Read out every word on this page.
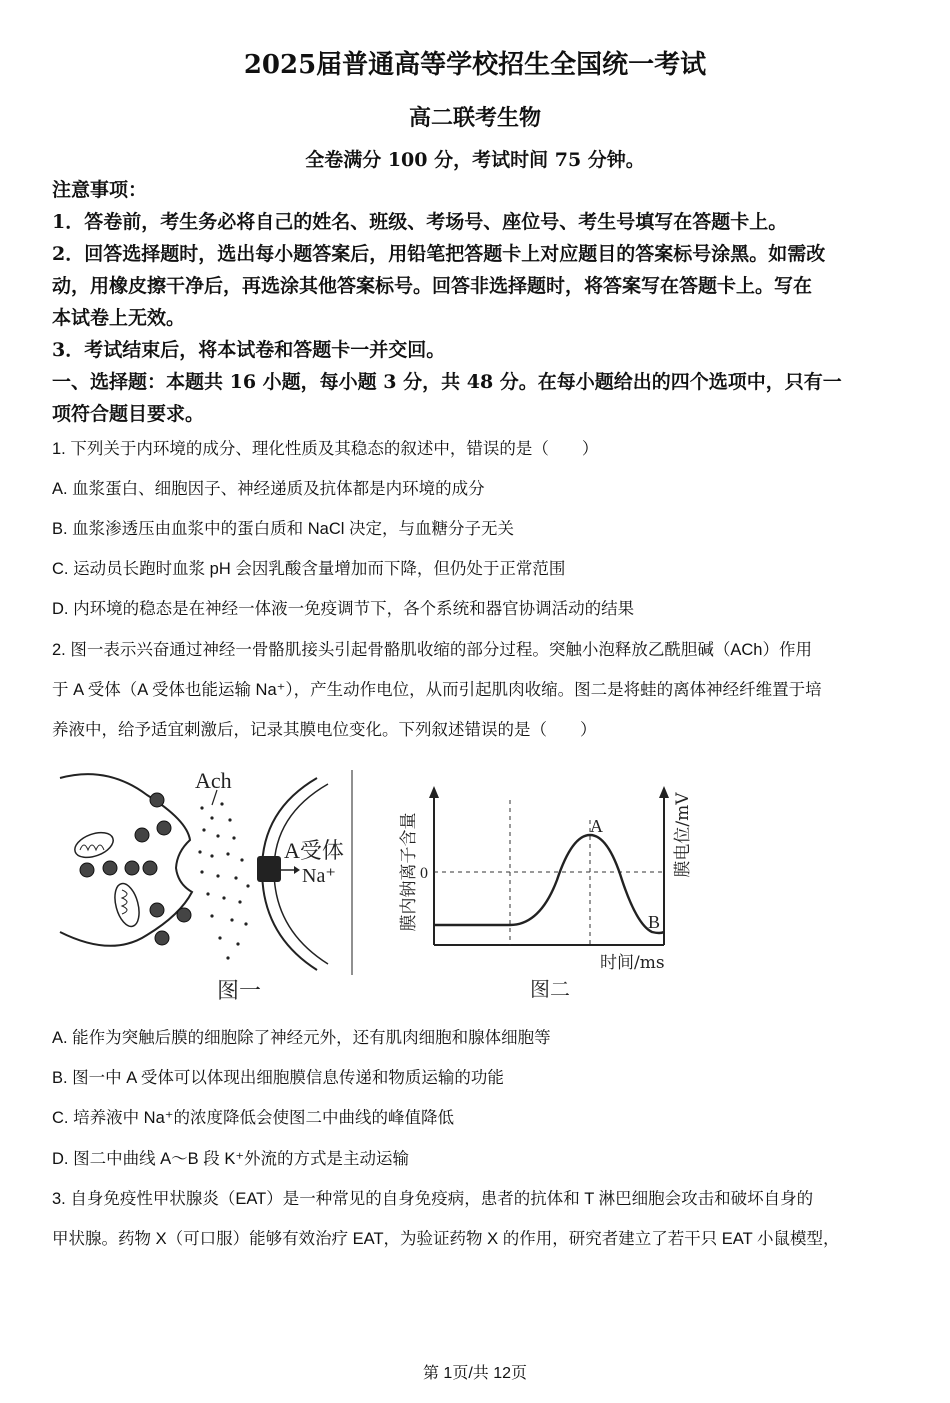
2025届普通高等学校招生全国统一考试
高二联考生物
全卷满分 100 分，考试时间 75 分钟。
注意事项：
1．答卷前，考生务必将自己的姓名、班级、考场号、座位号、考生号填写在答题卡上。
2．回答选择题时，选出每小题答案后，用铅笔把答题卡上对应题目的答案标号涂黑。如需改
动，用橡皮擦干净后，再选涂其他答案标号。回答非选择题时，将答案写在答题卡上。写在
本试卷上无效。
3．考试结束后，将本试卷和答题卡一并交回。
一、选择题：本题共 16 小题，每小题 3 分，共 48 分。在每小题给出的四个选项中，只有一
项符合题目要求。
1. 下列关于内环境的成分、理化性质及其稳态的叙述中，错误的是（　　）
A. 血浆蛋白、细胞因子、神经递质及抗体都是内环境的成分
B. 血浆渗透压由血浆中的蛋白质和 NaCl 决定，与血糖分子无关
C. 运动员长跑时血浆 pH 会因乳酸含量增加而下降，但仍处于正常范围
D. 内环境的稳态是在神经一体液一免疫调节下，各个系统和器官协调活动的结果
2. 图一表示兴奋通过神经一骨骼肌接头引起骨骼肌收缩的部分过程。突触小泡释放乙酰胆碱（ACh）作用
于 A 受体（A 受体也能运输 Na⁺），产生动作电位，从而引起肌肉收缩。图二是将蛙的离体神经纤维置于培
养液中，给予适宜刺激后，记录其膜电位变化。下列叙述错误的是（　　）
Ach
A受体
Na⁺
图一
0
A
B
膜内钠离子含量	膜电位/mV
时间/ms
图二
A. 能作为突触后膜的细胞除了神经元外，还有肌肉细胞和腺体细胞等
B. 图一中 A 受体可以体现出细胞膜信息传递和物质运输的功能
C. 培养液中 Na⁺的浓度降低会使图二中曲线的峰值降低
D. 图二中曲线 A～B 段 K⁺外流的方式是主动运输
3. 自身免疫性甲状腺炎（EAT）是一种常见的自身免疫病，患者的抗体和 T 淋巴细胞会攻击和破坏自身的
甲状腺。药物 X（可口服）能够有效治疗 EAT，为验证药物 X 的作用，研究者建立了若干只 EAT 小鼠模型，
第 1页/共 12页
